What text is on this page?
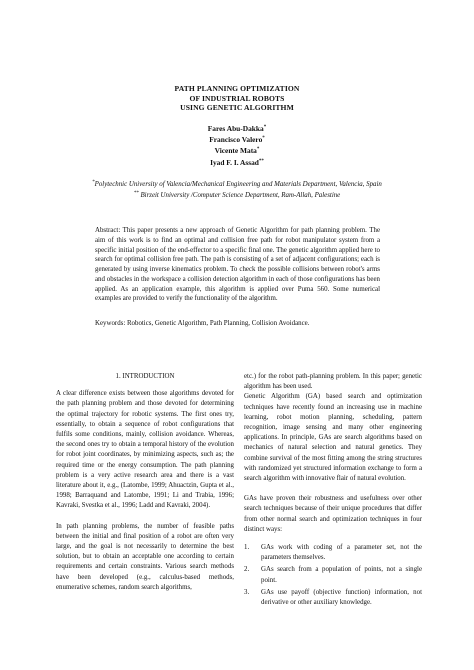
PATH PLANNING OPTIMIZATION
OF INDUSTRIAL ROBOTS
USING GENETIC ALGORITHM
Fares Abu-Dakka*
Francisco Valero*
Vicente Mata*
Iyad F. I. Assad**
*Polytechnic University of Valencia/Mechanical Engineering and Materials Department, Valencia, Spain
** Birzeit University /Computer Science Department, Ram-Allah, Palestine
Abstract: This paper presents a new approach of Genetic Algorithm for path planning problem. The aim of this work is to find an optimal and collision free path for robot manipulator system from a specific initial position of the end-effector to a specific final one. The genetic algorithm applied here to search for optimal collision free path. The path is consisting of a set of adjacent configurations; each is generated by using inverse kinematics problem. To check the possible collisions between robot's arms and obstacles in the workspace a collision detection algorithm in each of those configurations has been applied. As an application example, this algorithm is applied over Puma 560. Some numerical examples are provided to verify the functionality of the algorithm.
Keywords: Robotics, Genetic Algorithm, Path Planning, Collision Avoidance.
1. INTRODUCTION

A clear difference exists between those algorithms devoted for the path planning problem and those devoted for determining the optimal trajectory for robotic systems. The first ones try, essentially, to obtain a sequence of robot configurations that fulfils some conditions, mainly, collision avoidance. Whereas, the second ones try to obtain a temporal history of the evolution for robot joint coordinates, by minimizing aspects, such as; the required time or the energy consumption. The path planning problem is a very active research area and there is a vast literature about it, e.g., (Latombe, 1999; Ahuactzin, Gupta et al., 1998; Barraquand and Latombe, 1991; Li and Trabia, 1996; Kavraki, Svestka et al., 1996; Ladd and Kavraki, 2004).

In path planning problems, the number of feasible paths between the initial and final position of a robot are often very large, and the goal is not necessarily to determine the best solution, but to obtain an acceptable one according to certain requirements and certain constraints. Various search methods have been developed (e.g., calculus-based methods, enumerative schemes, random search algorithms,

etc.) for the robot path-planning problem. In this paper; genetic algorithm has been used.

Genetic Algorithm (GA) based search and optimization techniques have recently found an increasing use in machine learning, robot motion planning, scheduling, pattern recognition, image sensing and many other engineering applications. In principle, GAs are search algorithms based on mechanics of natural selection and natural genetics. They combine survival of the most fitting among the string structures with randomized yet structured information exchange to form a search algorithm with innovative flair of natural evolution.

GAs have proven their robustness and usefulness over other search techniques because of their unique procedures that differ from other normal search and optimization techniques in four distinct ways:

1. GAs work with coding of a parameter set, not the parameters themselves.
2. GAs search from a population of points, not a single point.
3. GAs use payoff (objective function) information, not derivative or other auxiliary knowledge.
